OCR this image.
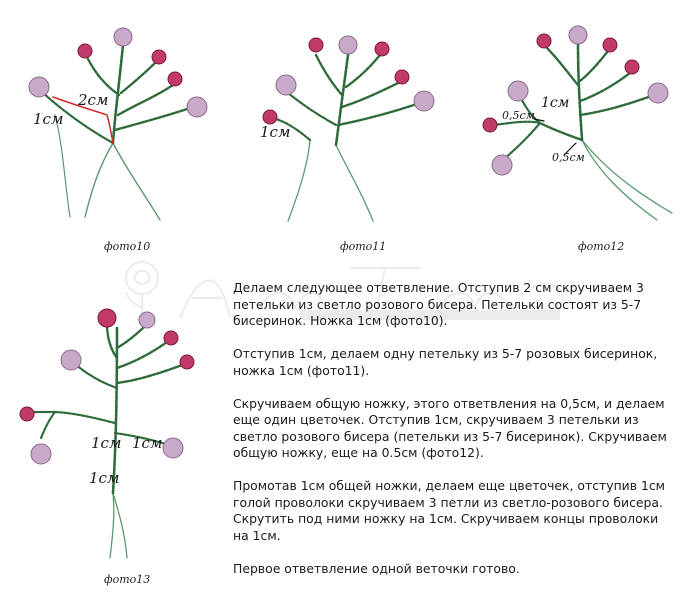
2см
1см
фото10
1см
фото11
1см
0,5см
0,5см
фото12
1см 1см
1см
фото13

Делаем следующее ответвление. Отступив 2 см скручиваем 3 петельки из светло розового бисера. Петельки состоят из 5-7 бисеринок. Ножка 1см (фото10).

Отступив 1см, делаем одну петельку из 5-7 розовых бисеринок, ножка 1см (фото11).

Скручиваем общую ножку, этого ответвления на 0,5см, и делаем еще один цветочек. Отступив 1см, скручиваем 3 петельки из светло розового бисера (петельки из 5-7 бисеринок). Скручиваем общую ножку, еще на 0.5см (фото12).

Промотав 1см общей ножки, делаем еще цветочек, отступив 1см голой проволоки скручиваем 3 петли из светло-розового бисера. Скрутить под ними ножку на 1см. Скручиваем концы проволоки на 1см.

Первое ответвление одной веточки готово.
